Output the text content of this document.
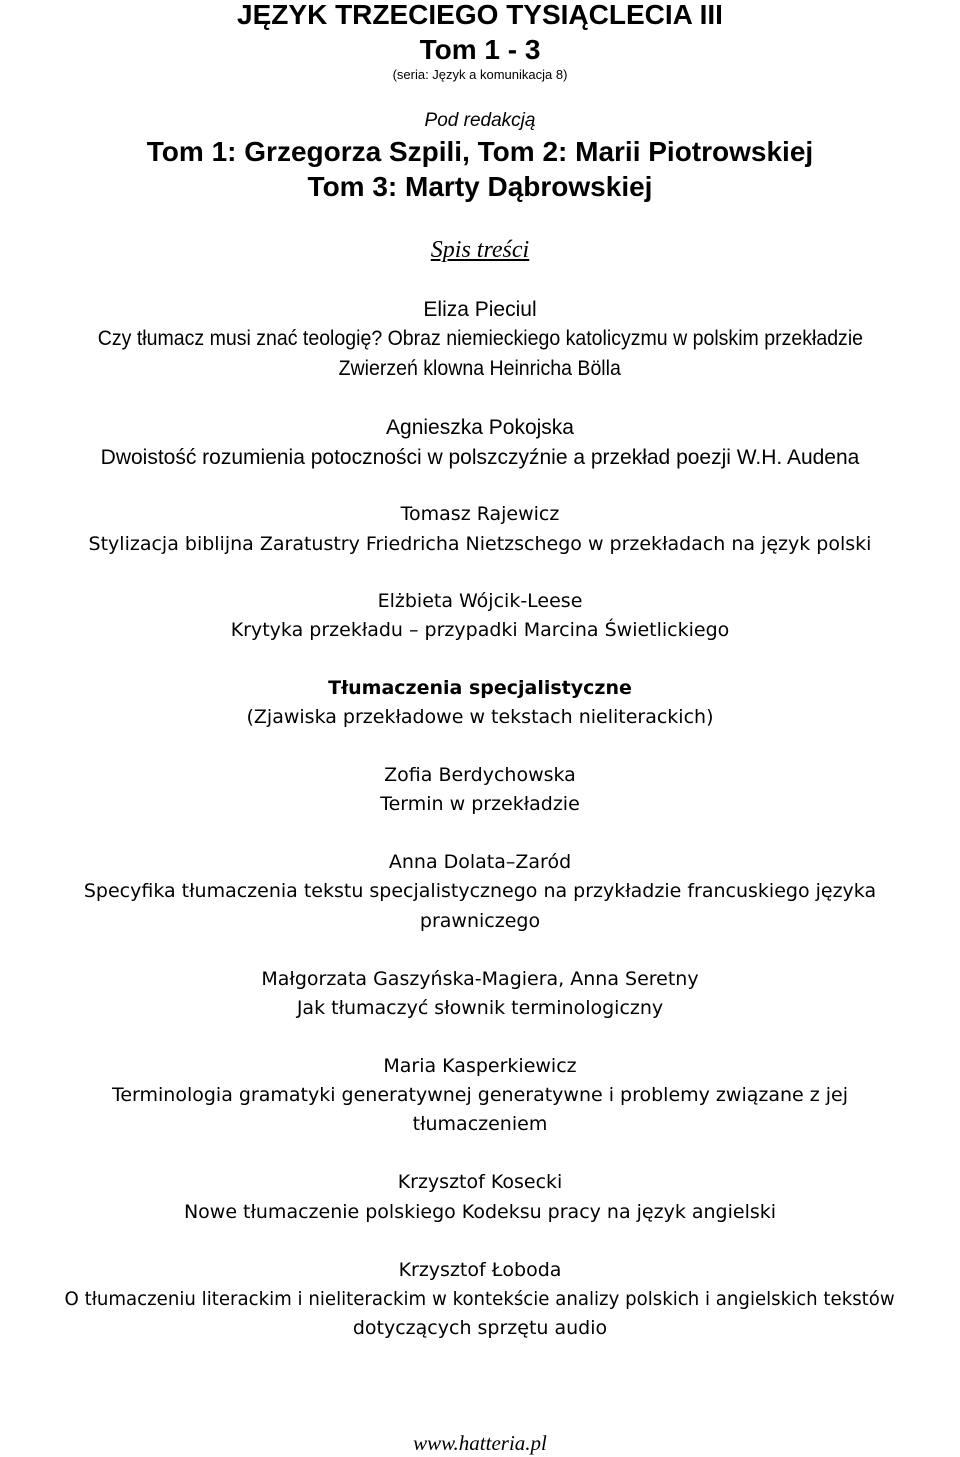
JĘZYK TRZECIEGO TYSIĄCLECIA III
Tom 1 - 3
(seria: Język a komunikacja 8)
Pod redakcją
Tom 1: Grzegorza Szpili, Tom 2: Marii Piotrowskiej
Tom 3: Marty Dąbrowskiej
Spis treści
Eliza Pieciul
Czy tłumacz musi znać teologię? Obraz niemieckiego katolicyzmu w polskim przekładzie
Zwierzeń klowna Heinricha Bölla
Agnieszka Pokojska
Dwoistość rozumienia potoczności w polszczyźnie a przekład poezji W.H. Audena
Tomasz Rajewicz
Stylizacja biblijna Zaratustry Friedricha Nietzschego w przekładach na język polski
Elżbieta Wójcik-Leese
Krytyka przekładu – przypadki Marcina Świetlickiego
Tłumaczenia specjalistyczne
(Zjawiska przekładowe w tekstach nieliterackich)
Zofia Berdychowska
Termin w przekładzie
Anna Dolata–Zaród
Specyfika tłumaczenia tekstu specjalistycznego na przykładzie francuskiego języka
prawniczego
Małgorzata Gaszyńska-Magiera, Anna Seretny
Jak tłumaczyć słownik terminologiczny
Maria Kasperkiewicz
Terminologia gramatyki generatywnej generatywne i problemy związane z jej
tłumaczeniem
Krzysztof Kosecki
Nowe tłumaczenie polskiego Kodeksu pracy na język angielski
Krzysztof Łoboda
O tłumaczeniu literackim i nieliterackim w kontekście analizy polskich i angielskich tekstów
dotyczących sprzętu audio
www.hatteria.pl
